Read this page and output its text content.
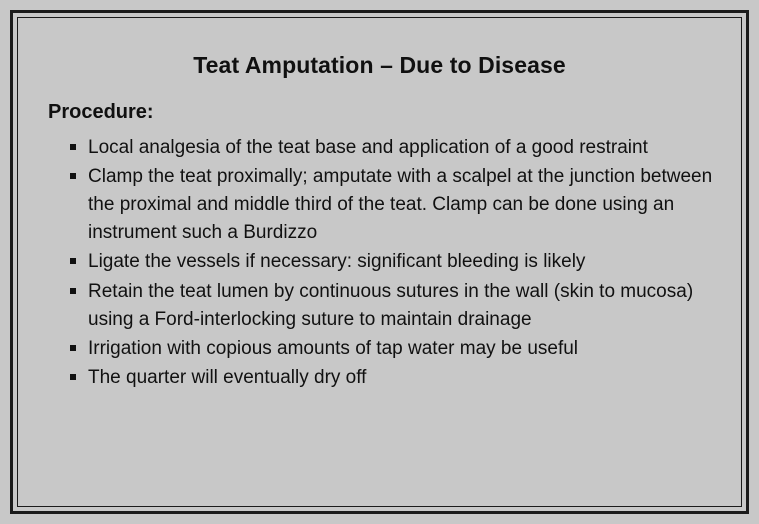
Teat Amputation – Due to Disease
Procedure:
Local analgesia of the teat base and application of a good restraint
Clamp the teat proximally; amputate with a scalpel at the junction between the proximal and middle third of the teat. Clamp can be done using an instrument such a Burdizzo
Ligate the vessels if necessary: significant bleeding is likely
Retain the teat lumen by continuous sutures in the wall (skin to mucosa) using a Ford-interlocking suture to maintain drainage
Irrigation with copious amounts of tap water may be useful
The quarter will eventually dry off
